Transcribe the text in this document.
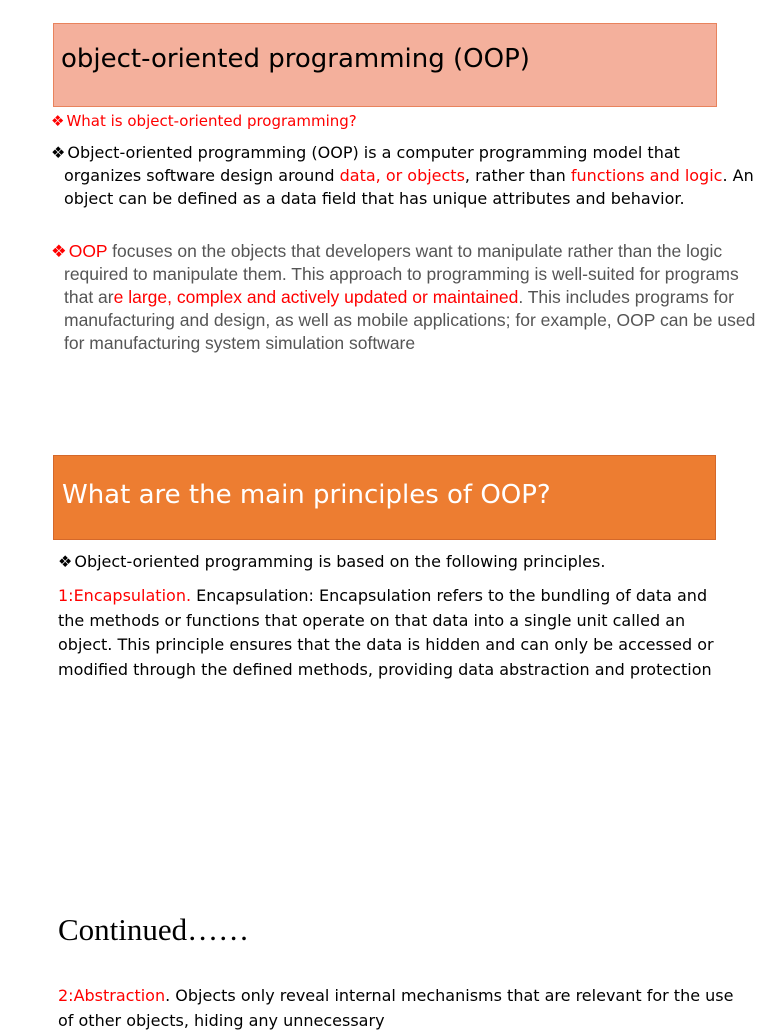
object-oriented programming (OOP)
❖ What is object-oriented programming?
❖ Object-oriented programming (OOP) is a computer programming model that organizes software design around data, or objects, rather than functions and logic. An object can be defined as a data field that has unique attributes and behavior.
❖ OOP focuses on the objects that developers want to manipulate rather than the logic required to manipulate them. This approach to programming is well-suited for programs that are large, complex and actively updated or maintained. This includes programs for manufacturing and design, as well as mobile applications; for example, OOP can be used for manufacturing system simulation software
What are the main principles of OOP?
❖ Object-oriented programming is based on the following principles.
1:Encapsulation. Encapsulation: Encapsulation refers to the bundling of data and the methods or functions that operate on that data into a single unit called an object. This principle ensures that the data is hidden and can only be accessed or modified through the defined methods, providing data abstraction and protection
Continued……
2:Abstraction. Objects only reveal internal mechanisms that are relevant for the use of other objects, hiding any unnecessary
